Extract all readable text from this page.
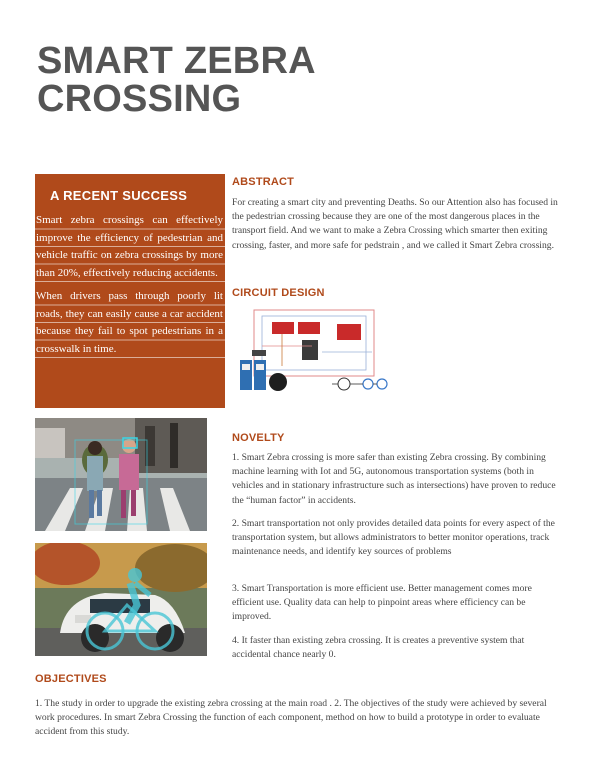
SMART ZEBRA
CROSSING
A RECENT SUCCESS

Smart zebra crossings can effectively improve the efficiency of pedestrian and vehicle traffic on zebra crossings by more than 20%, effectively reducing accidents.

When drivers pass through poorly lit roads, they can easily cause a car accident because they fail to spot pedestrians in a crosswalk in time.

ABSTRACT

For creating a smart city and preventing Deaths. So our Attention also has focused in the pedestrian crossing because they are one of the most dangerous places in the transport field. And we want to make a Zebra Crossing which smarter then exiting crossing, faster, and more safe for pedstrain , and we called it Smart Zebra crossing.

CIRCUIT DESIGN
NOVELTY

1. Smart Zebra crossing is more safer than existing Zebra crossing. By combining machine learning with Iot and 5G, autonomous transportation systems (both in vehicles and in stationary infrastructure such as intersections) have proven to reduce the “human factor” in accidents.

2. Smart transportation not only provides detailed data points for every aspect of the transportation system, but allows administrators to better monitor operations, track maintenance needs, and identify key sources of problems

3. Smart Transportation is more efficient use. Better management comes more efficient use. Quality data can help to pinpoint areas where efficiency can be improved.

4. It faster than existing zebra crossing. It is creates a preventive system that accidental chance nearly 0.

OBJECTIVES

1. The study in order to upgrade the existing zebra crossing at the main road . 2. The objectives of the study were achieved by several work procedures. In smart Zebra Crossing the function of each component, method on how to build a prototype in order to evaluate accident from this study.
